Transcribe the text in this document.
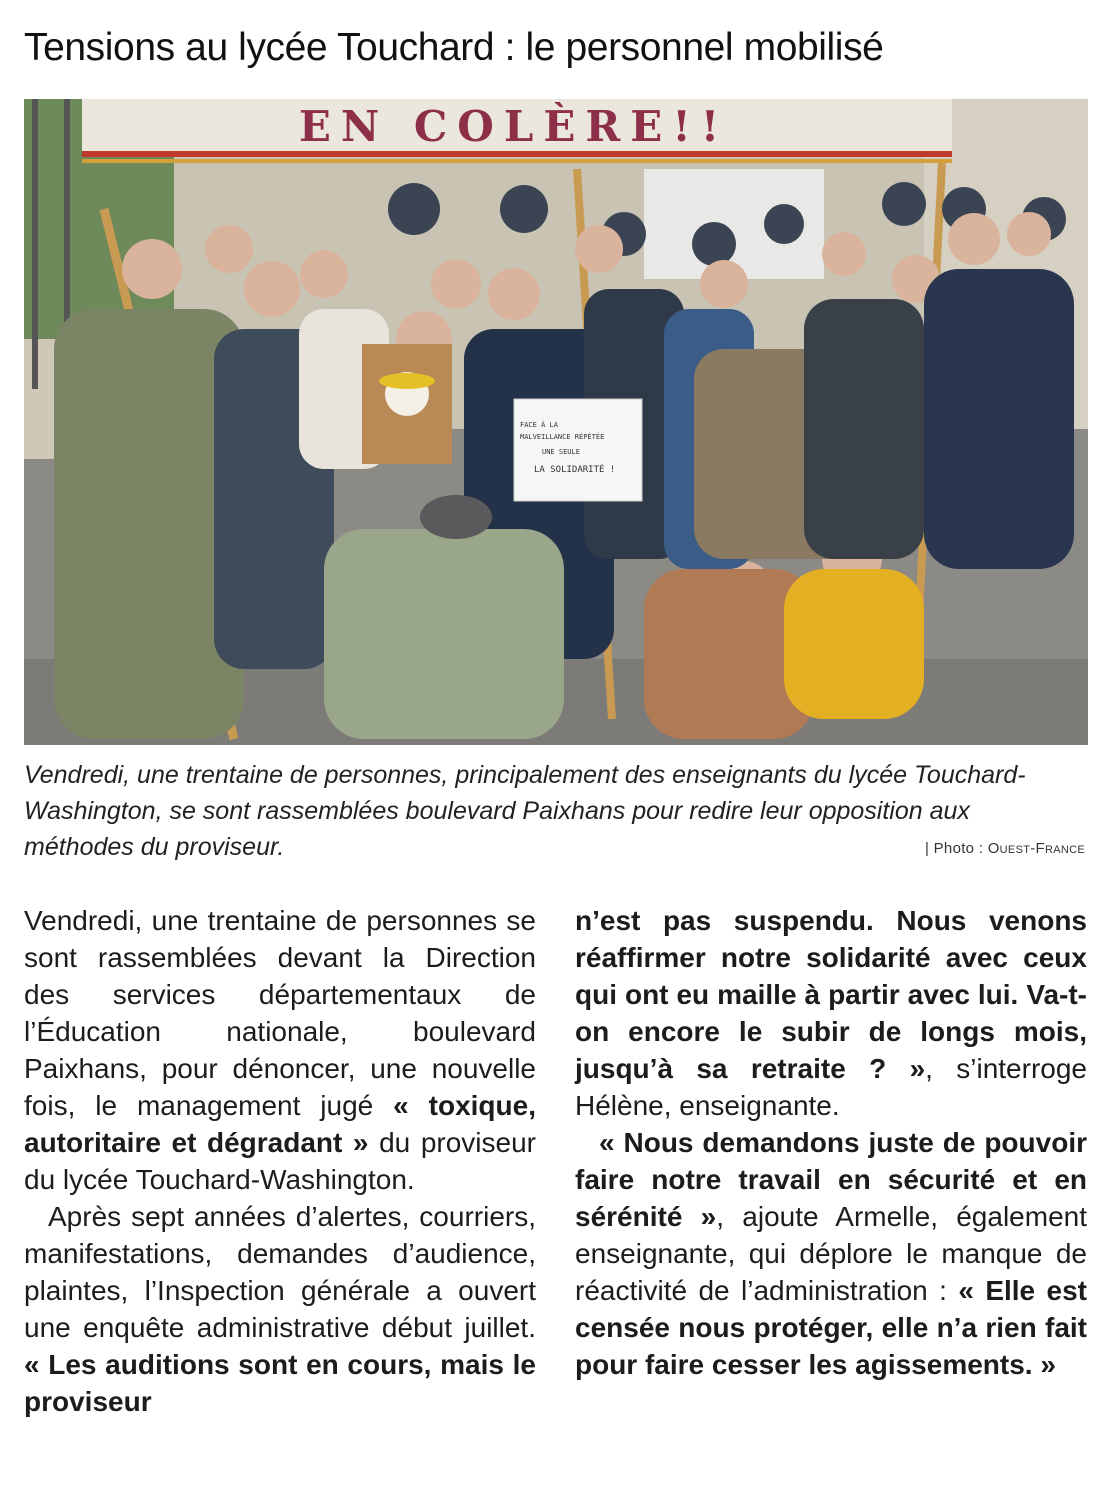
Tensions au lycée Touchard : le personnel mobilisé
EN COLÈRE!!
FACE À LA
MALVEILLANCE RÉPÉTÉE
UNE SEULE
LA SOLIDARITÉ !

Vendredi, une trentaine de personnes, principalement des enseignants du lycée Touchard-Washington, se sont rassemblées boulevard Paixhans pour redire leur opposition aux méthodes du proviseur.	| Photo : Ouest-France

Vendredi, une trentaine de personnes se sont rassemblées devant la Direction des services départementaux de l’Éducation nationale, boulevard Paixhans, pour dénoncer, une nouvelle fois, le management jugé « toxique, autoritaire et dégradant » du proviseur du lycée Touchard-Washington.

Après sept années d’alertes, courriers, manifestations, demandes d’audience, plaintes, l’Inspection générale a ouvert une enquête administrative début juillet. « Les auditions sont en cours, mais le proviseur

n’est pas suspendu. Nous venons réaffirmer notre solidarité avec ceux qui ont eu maille à partir avec lui. Va-t-on encore le subir de longs mois, jusqu’à sa retraite ? », s’interroge Hélène, enseignante.

« Nous demandons juste de pouvoir faire notre travail en sécurité et en sérénité », ajoute Armelle, également enseignante, qui déplore le manque de réactivité de l’administration : « Elle est censée nous protéger, elle n’a rien fait pour faire cesser les agissements. »
